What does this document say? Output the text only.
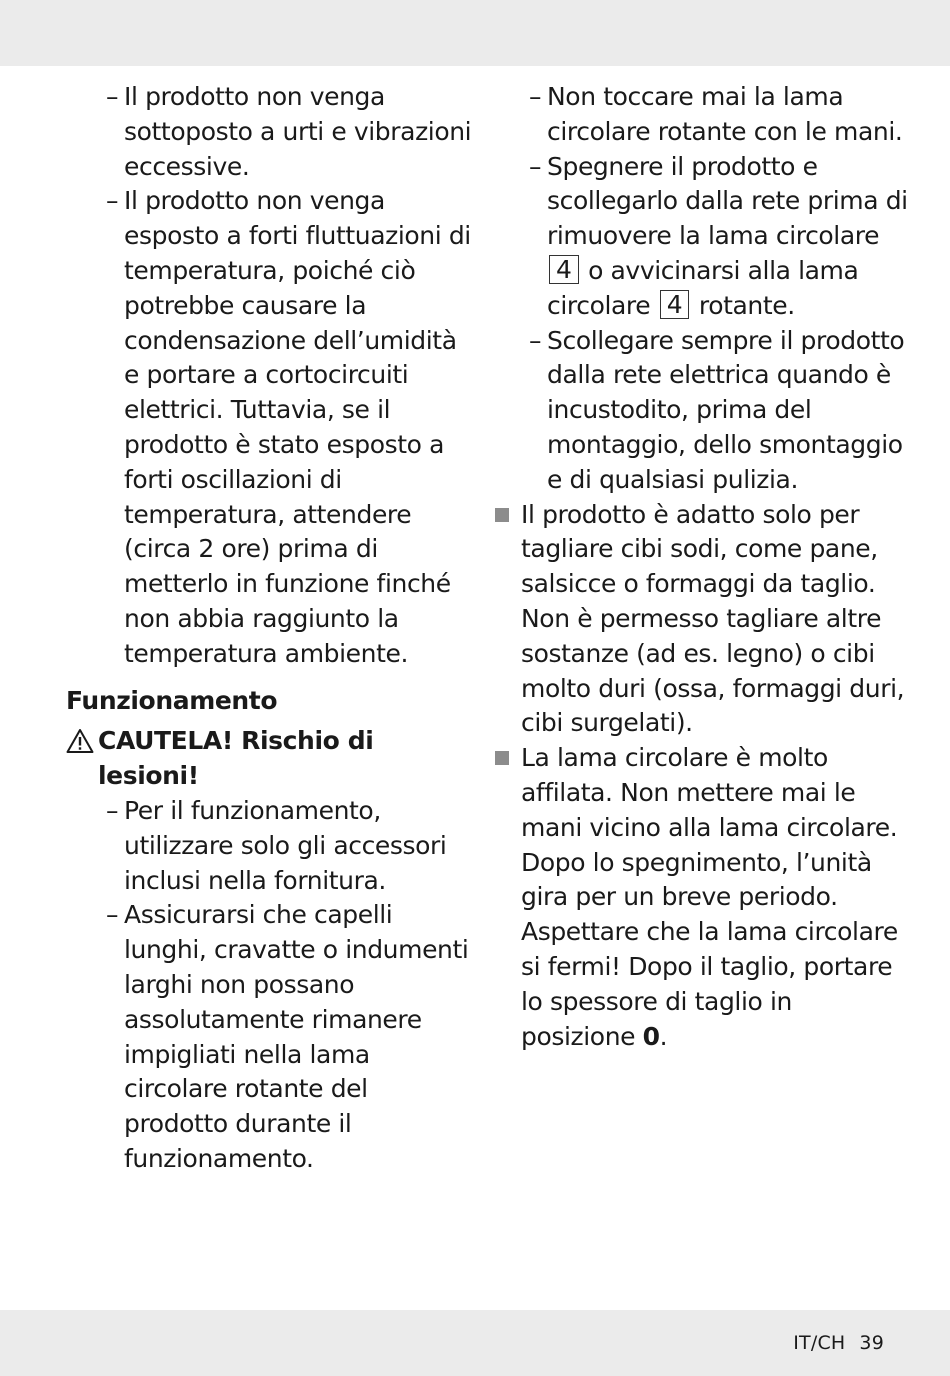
– Il prodotto non venga sottoposto a urti e vibrazioni eccessive.

– Il prodotto non venga esposto a forti fluttuazioni di temperatura, poiché ciò potrebbe causare la condensazione dell’umidità e portare a cortocircuiti elettrici. Tuttavia, se il prodotto è stato esposto a forti oscillazioni di temperatura, attendere (circa 2 ore) prima di metterlo in funzione finché non abbia raggiunto la temperatura ambiente.

Funzionamento
CAUTELA! Rischio di lesioni!
– Per il funzionamento, utilizzare solo gli accessori inclusi nella fornitura.

– Assicurarsi che capelli lunghi, cravatte o indumenti larghi non possano assolutamente rimanere impigliati nella lama circolare rotante del prodotto durante il funzionamento.

– Non toccare mai la lama circolare rotante con le mani.

– Spegnere il prodotto e scollegarlo dalla rete prima di rimuovere la lama circolare 4 o avvicinarsi alla lama circolare 4 rotante.

– Scollegare sempre il prodotto dalla rete elettrica quando è incustodito, prima del montaggio, dello smontaggio e di qualsiasi pulizia.

Il prodotto è adatto solo per tagliare cibi sodi, come pane, salsicce o formaggi da taglio. Non è permesso tagliare altre sostanze (ad es. legno) o cibi molto duri (ossa, formaggi duri, cibi surgelati).

La lama circolare è molto affilata. Non mettere mai le mani vicino alla lama circolare. Dopo lo spegnimento, l’unità gira per un breve periodo. Aspettare che la lama circolare si fermi! Dopo il taglio, portare lo spessore di taglio in posizione 0.

IT/CH 39
